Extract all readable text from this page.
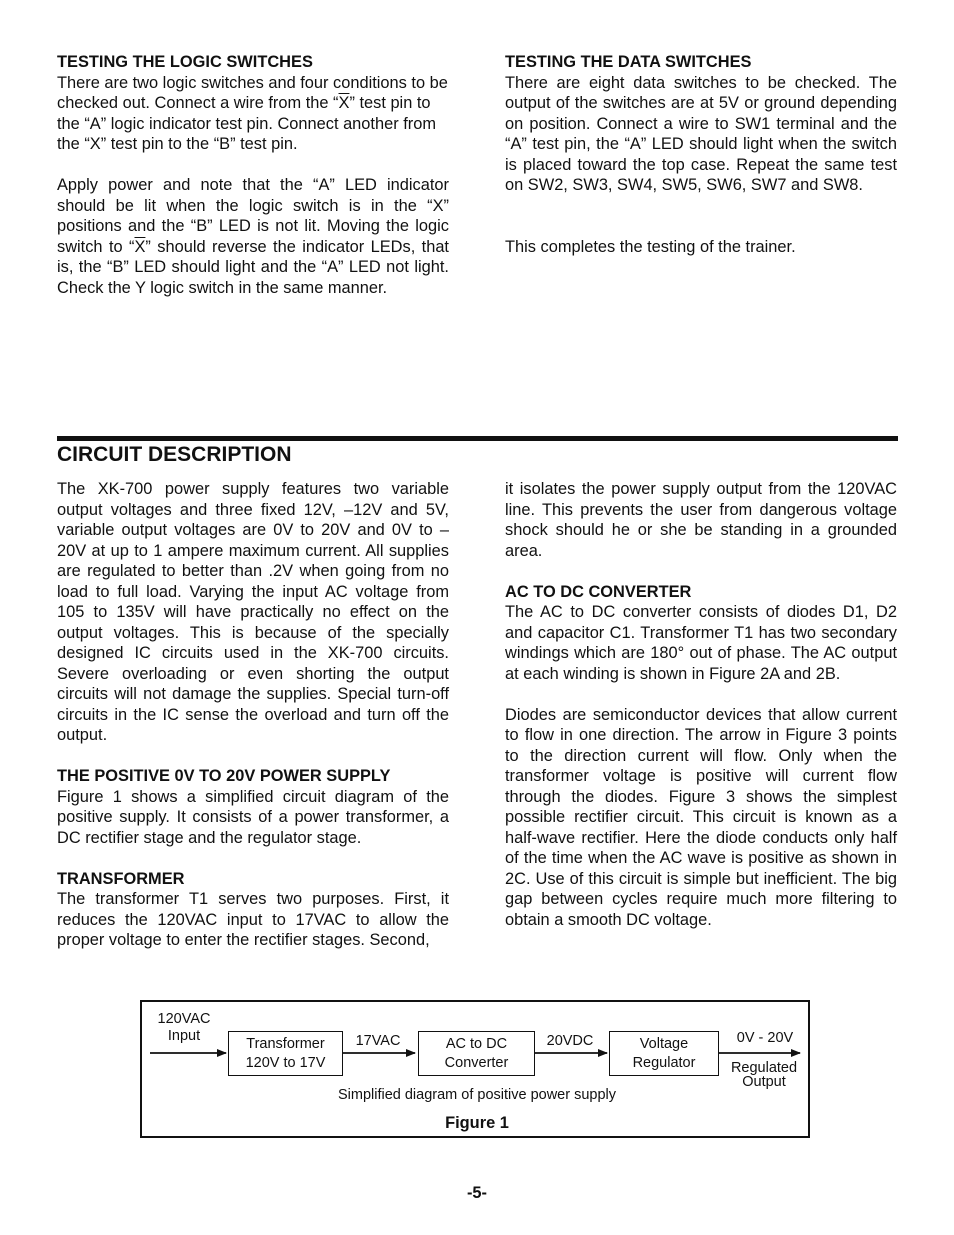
TESTING THE LOGIC SWITCHES

There are two logic switches and four conditions to be checked out. Connect a wire from the “$\overline{X}$” test pin to the “A” logic indicator test pin. Connect another from the “X” test pin to the “B” test pin.

Apply power and note that the “A” LED indicator should be lit when the logic switch is in the “X” positions and the “B” LED is not lit. Moving the logic switch to “$\overline{X}$” should reverse the indicator LEDs, that is, the “B” LED should light and the “A” LED not light. Check the Y logic switch in the same manner.

TESTING THE DATA SWITCHES

There are eight data switches to be checked. The output of the switches are at 5V or ground depending on position. Connect a wire to SW1 terminal and the “A” test pin, the “A” LED should light when the switch is placed toward the top case. Repeat the same test on SW2, SW3, SW4, SW5, SW6, SW7 and SW8.

This completes the testing of the trainer.

CIRCUIT DESCRIPTION

The XK-700 power supply features two variable output voltages and three fixed 12V, –12V and 5V, variable output voltages are 0V to 20V and 0V to –20V at up to 1 ampere maximum current. All supplies are regulated to better than .2V when going from no load to full load. Varying the input AC voltage from 105 to 135V will have practically no effect on the output voltages. This is because of the specially designed IC circuits used in the XK-700 circuits. Severe overloading or even shorting the output circuits will not damage the supplies. Special turn-off circuits in the IC sense the overload and turn off the output.

THE POSITIVE 0V TO 20V POWER SUPPLY

Figure 1 shows a simplified circuit diagram of the positive supply. It consists of a power transformer, a DC rectifier stage and the regulator stage.

TRANSFORMER

The transformer T1 serves two purposes. First, it reduces the 120VAC input to 17VAC to allow the proper voltage to enter the rectifier stages. Second,

it isolates the power supply output from the 120VAC line. This prevents the user from dangerous voltage shock should he or she be standing in a grounded area.

AC TO DC CONVERTER

The AC to DC converter consists of diodes D1, D2 and capacitor C1. Transformer T1 has two secondary windings which are 180° out of phase. The AC output at each winding is shown in Figure 2A and 2B.

Diodes are semiconductor devices that allow current to flow in one direction. The arrow in Figure 3 points to the direction current will flow. Only when the transformer voltage is positive will current flow through the diodes. Figure 3 shows the simplest possible rectifier circuit. This circuit is known as a half-wave rectifier. Here the diode conducts only half of the time when the AC wave is positive as shown in 2C. Use of this circuit is simple but inefficient. The big gap between cycles require much more filtering to obtain a smooth DC voltage.

120VAC
Input	Transformer
120V to 17V
17VAC	AC to DC
Converter
20VDC	Voltage
Regulator
0V - 20V
Regulated
Output
Simplified diagram of positive power supply
Figure 1
-5-
